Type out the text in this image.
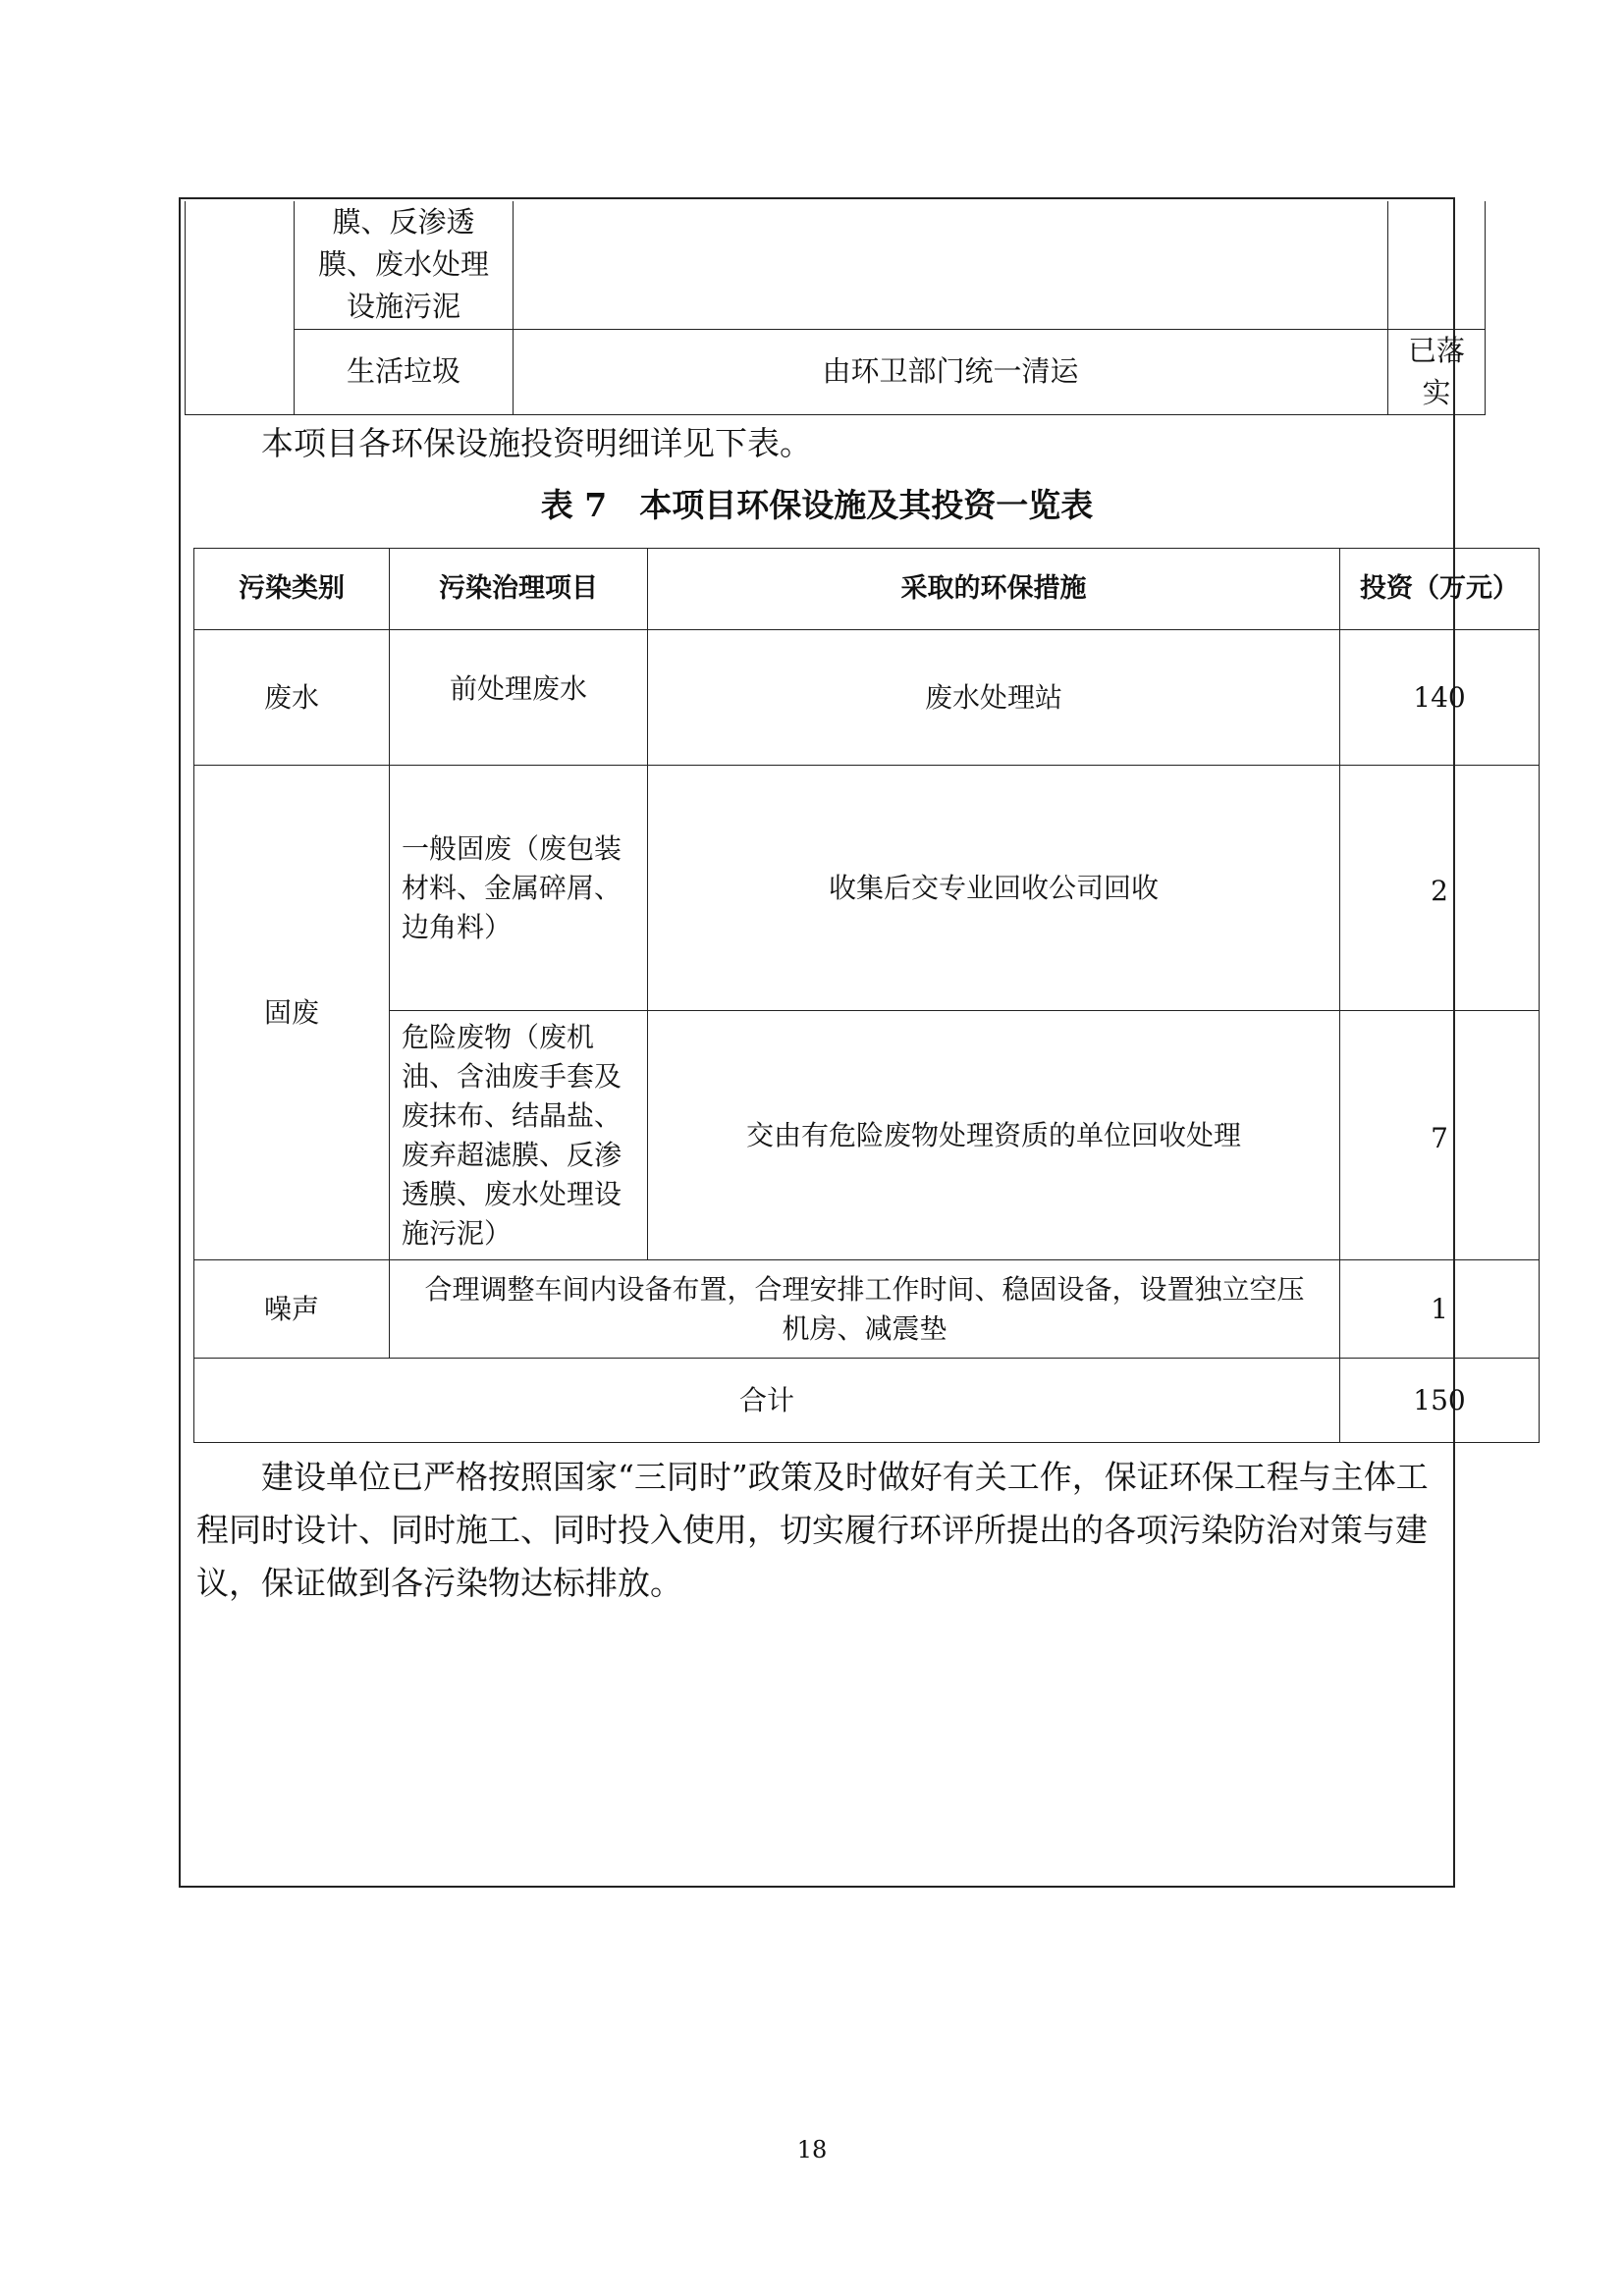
	膜、反渗透膜、废水处理设施污泥		
	生活垃圾	由环卫部门统一清运	已落实

本项目各环保设施投资明细详见下表。

表 7　本项目环保设施及其投资一览表
污染类别	污染治理项目	采取的环保措施	投资（万元）
废水	前处理废水	废水处理站	140
固废	一般固废（废包装材料、金属碎屑、边角料）	收集后交专业回收公司回收	2
	危险废物（废机油、含油废手套及废抹布、结晶盐、废弃超滤膜、反渗透膜、废水处理设施污泥）	交由有危险废物处理资质的单位回收处理	7
噪声	合理调整车间内设备布置，合理安排工作时间、稳固设备，设置独立空压机房、减震垫		1
合计			150

建设单位已严格按照国家“三同时”政策及时做好有关工作，保证环保工程与主体工程同时设计、同时施工、同时投入使用，切实履行环评所提出的各项污染防治对策与建议，保证做到各污染物达标排放。

18
